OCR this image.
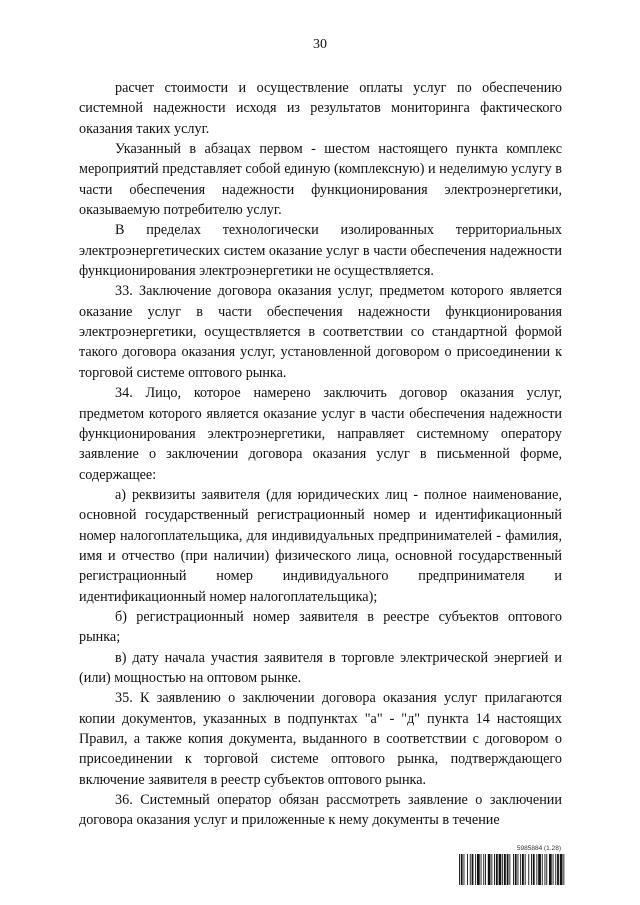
30

расчет стоимости и осуществление оплаты услуг по обеспечению системной надежности исходя из результатов мониторинга фактического оказания таких услуг.

Указанный в абзацах первом - шестом настоящего пункта комплекс мероприятий представляет собой единую (комплексную) и неделимую услугу в части обеспечения надежности функционирования электроэнергетики, оказываемую потребителю услуг.

В пределах технологически изолированных территориальных электроэнергетических систем оказание услуг в части обеспечения надежности функционирования электроэнергетики не осуществляется.

33. Заключение договора оказания услуг, предметом которого является оказание услуг в части обеспечения надежности функционирования электроэнергетики, осуществляется в соответствии со стандартной формой такого договора оказания услуг, установленной договором о присоединении к торговой системе оптового рынка.

34. Лицо, которое намерено заключить договор оказания услуг, предметом которого является оказание услуг в части обеспечения надежности функционирования электроэнергетики, направляет системному оператору заявление о заключении договора оказания услуг в письменной форме, содержащее:

а) реквизиты заявителя (для юридических лиц - полное наименование, основной государственный регистрационный номер и идентификационный номер налогоплательщика, для индивидуальных предпринимателей - фамилия, имя и отчество (при наличии) физического лица, основной государственный регистрационный номер индивидуального предпринимателя и идентификационный номер налогоплательщика);

б) регистрационный номер заявителя в реестре субъектов оптового рынка;

в) дату начала участия заявителя в торговле электрической энергией и (или) мощностью на оптовом рынке.

35. К заявлению о заключении договора оказания услуг прилагаются копии документов, указанных в подпунктах "а" - "д" пункта 14 настоящих Правил, а также копия документа, выданного в соответствии с договором о присоединении к торговой системе оптового рынка, подтверждающего включение заявителя в реестр субъектов оптового рынка.

36. Системный оператор обязан рассмотреть заявление о заключении договора оказания услуг и приложенные к нему документы в течение

5985884 (1.28)
